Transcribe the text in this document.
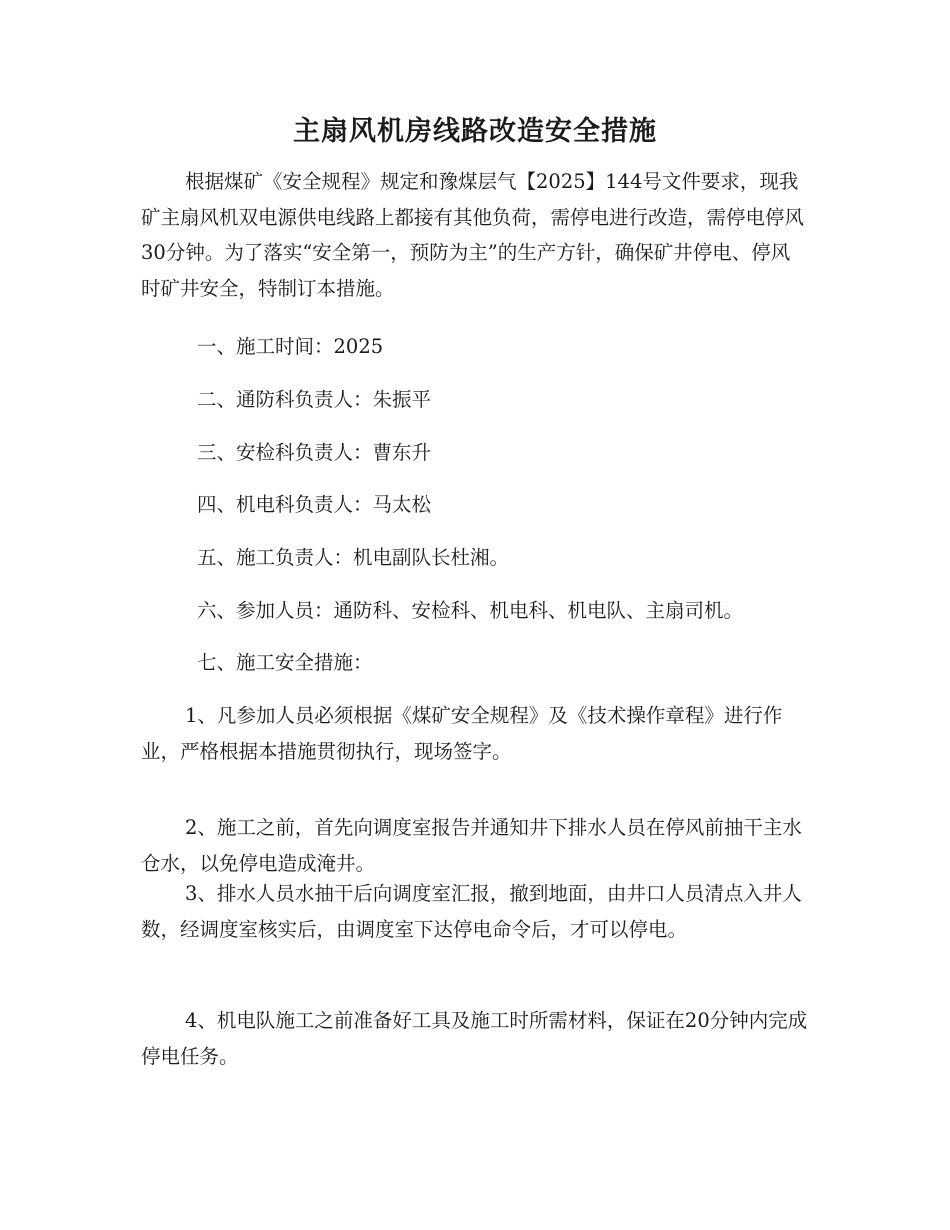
主扇风机房线路改造安全措施

根据煤矿《安全规程》规定和豫煤层气【2025】144号文件要求，现我矿主扇风机双电源供电线路上都接有其他负荷，需停电进行改造，需停电停风30分钟。为了落实“安全第一，预防为主”的生产方针，确保矿井停电、停风时矿井安全，特制订本措施。

一、施工时间：2025

二、通防科负责人：朱振平

三、安检科负责人：曹东升

四、机电科负责人：马太松

五、施工负责人：机电副队长杜湘。

六、参加人员：通防科、安检科、机电科、机电队、主扇司机。

七、施工安全措施：

1、凡参加人员必须根据《煤矿安全规程》及《技术操作章程》进行作业，严格根据本措施贯彻执行，现场签字。

2、施工之前，首先向调度室报告并通知井下排水人员在停风前抽干主水仓水，以免停电造成淹井。

3、排水人员水抽干后向调度室汇报，撤到地面，由井口人员清点入井人数，经调度室核实后，由调度室下达停电命令后，才可以停电。

4、机电队施工之前准备好工具及施工时所需材料，保证在20分钟内完成停电任务。
